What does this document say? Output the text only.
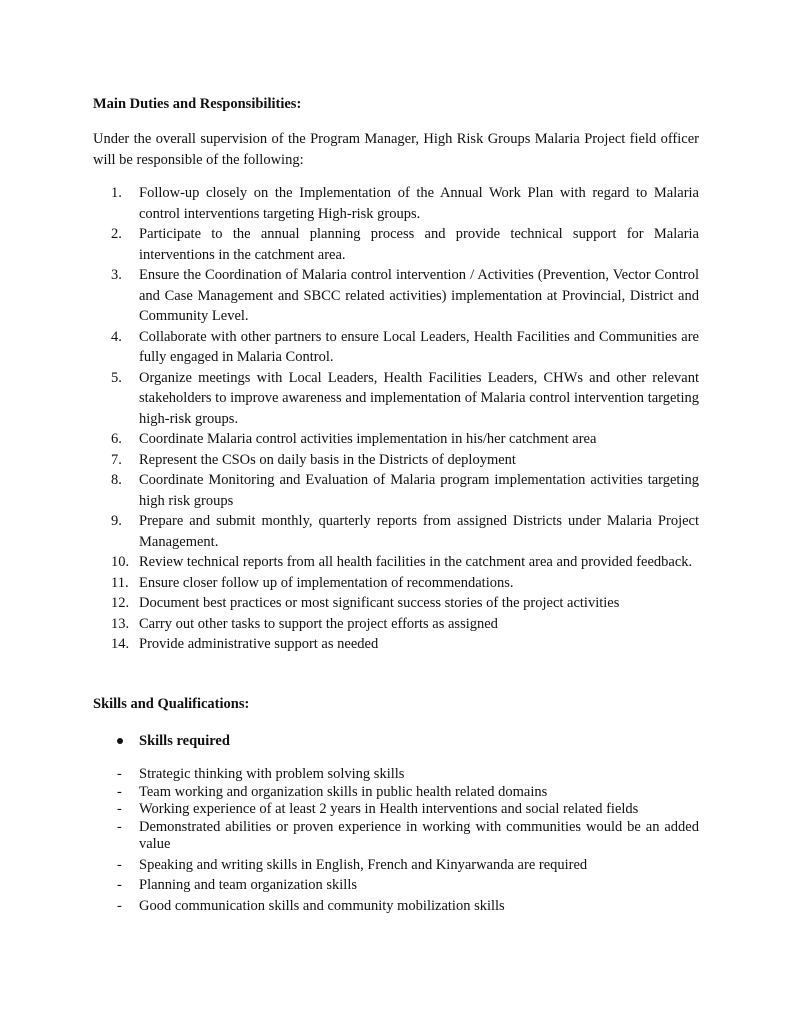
Main Duties and Responsibilities:

Under the overall supervision of the Program Manager, High Risk Groups Malaria Project field officer will be responsible of the following:

1. Follow-up closely on the Implementation of the Annual Work Plan with regard to Malaria control interventions targeting High-risk groups.
2. Participate to the annual planning process and provide technical support for Malaria interventions in the catchment area.
3. Ensure the Coordination of Malaria control intervention / Activities (Prevention, Vector Control and Case Management and SBCC related activities) implementation at Provincial, District and Community Level.
4. Collaborate with other partners to ensure Local Leaders, Health Facilities and Communities are fully engaged in Malaria Control.
5. Organize meetings with Local Leaders, Health Facilities Leaders, CHWs and other relevant stakeholders to improve awareness and implementation of Malaria control intervention targeting high-risk groups.
6. Coordinate Malaria control activities implementation in his/her catchment area
7. Represent the CSOs on daily basis in the Districts of deployment
8. Coordinate Monitoring and Evaluation of Malaria program implementation activities targeting high risk groups
9. Prepare and submit monthly, quarterly reports from assigned Districts under Malaria Project Management.
10. Review technical reports from all health facilities in the catchment area and provided feedback.
11. Ensure closer follow up of implementation of recommendations.
12. Document best practices or most significant success stories of the project activities
13. Carry out other tasks to support the project efforts as assigned
14. Provide administrative support as needed
Skills and Qualifications:
Skills required
- Strategic thinking with problem solving skills
- Team working and organization skills in public health related domains
- Working experience of at least 2 years in Health interventions and social related fields
- Demonstrated abilities or proven experience in working with communities would be an added value
- Speaking and writing skills in English, French and Kinyarwanda are required
- Planning and team organization skills
- Good communication skills and community mobilization skills
